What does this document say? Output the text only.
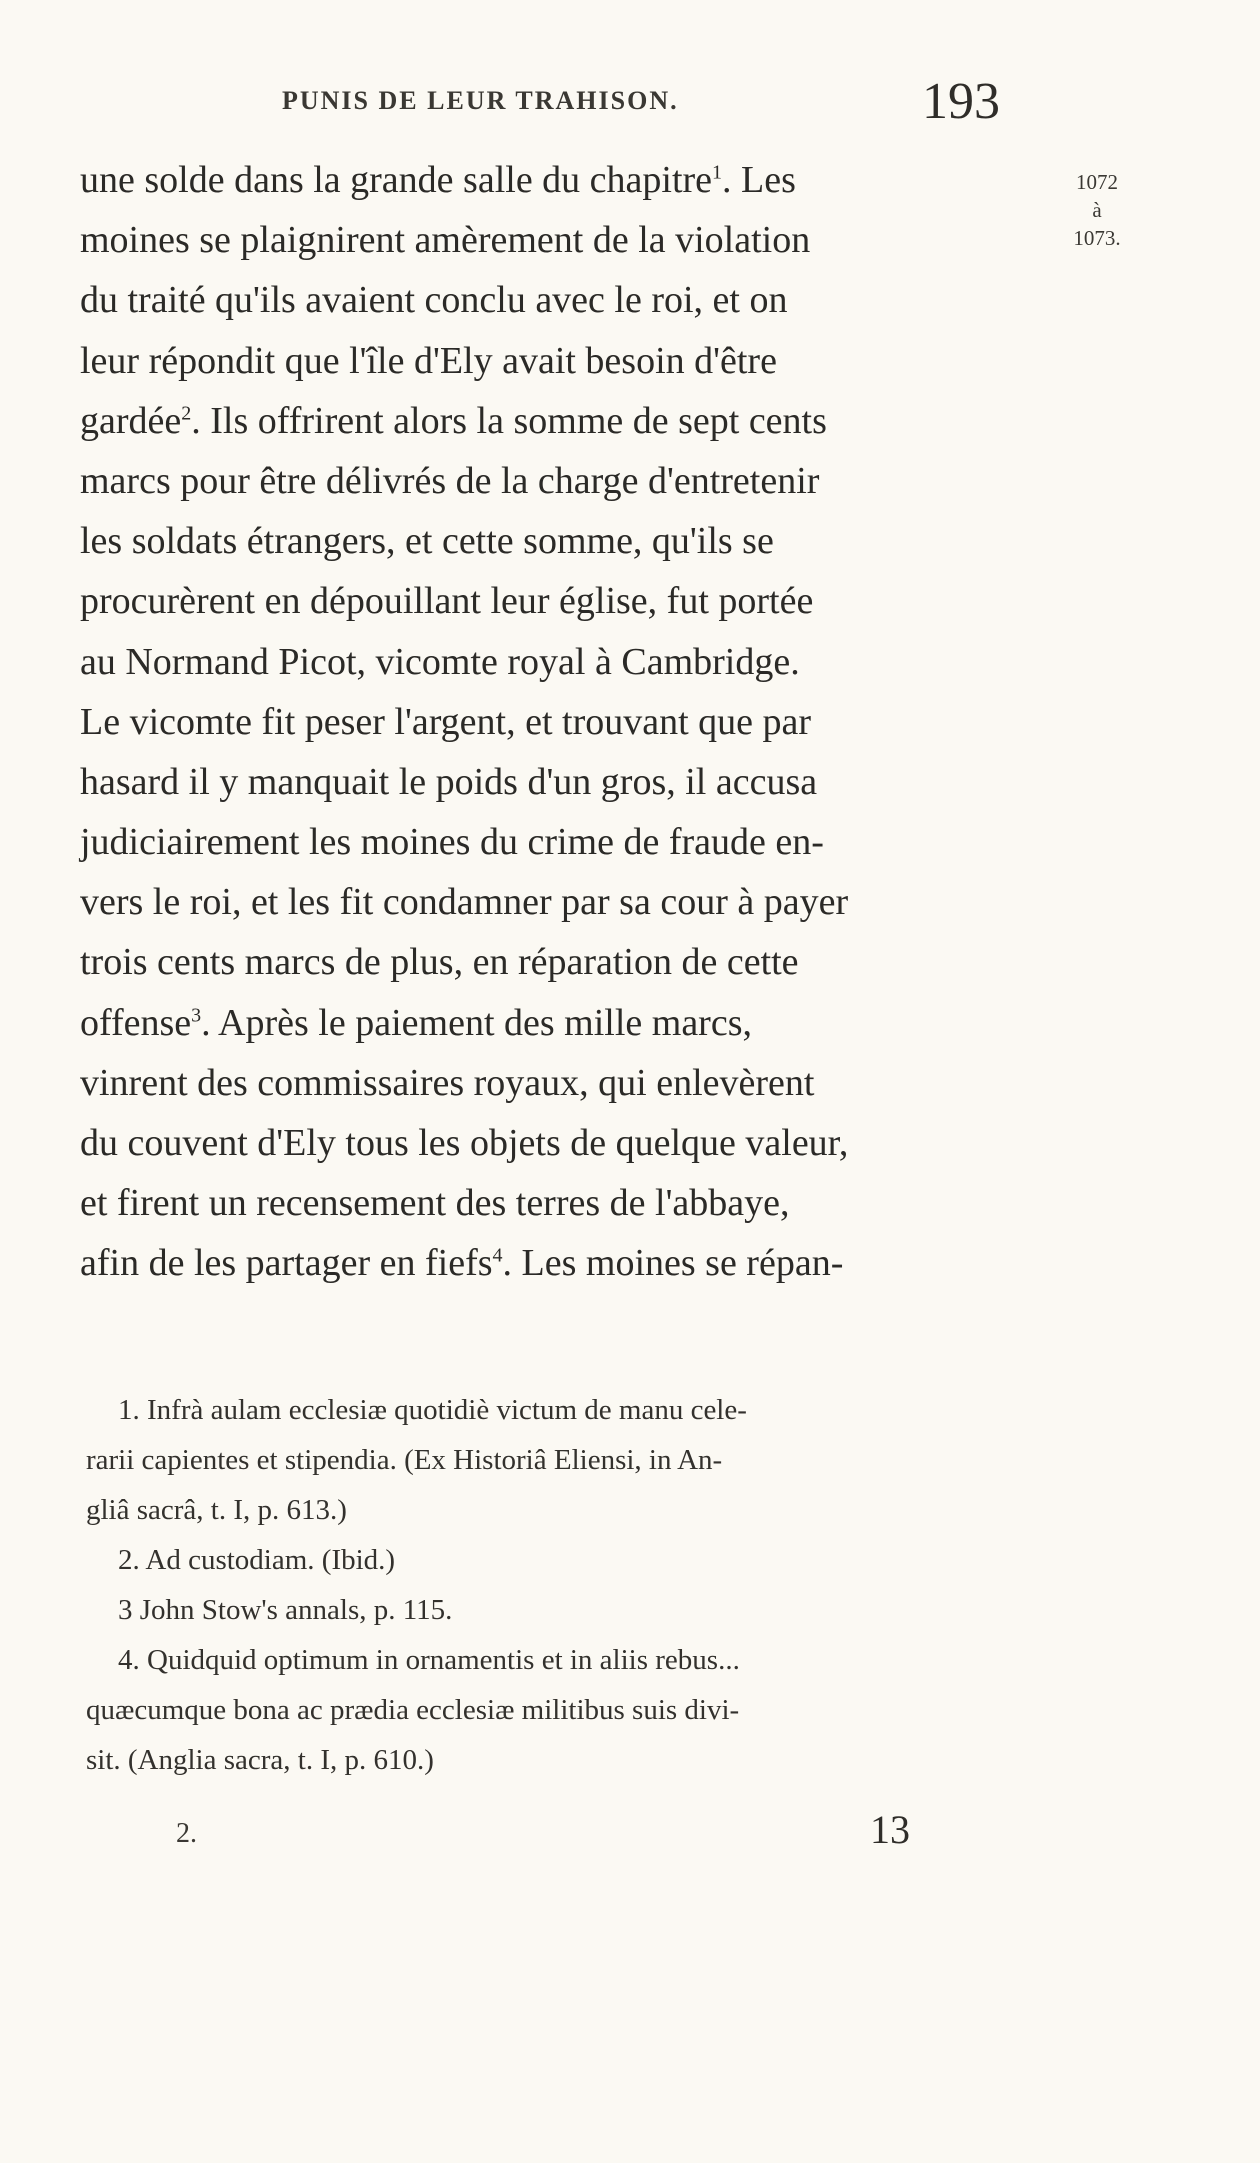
PUNIS DE LEUR TRAHISON.	193
1072
à
1073.
une solde dans la grande salle du chapitre$^1$. Les
moines se plaignirent amèrement de la violation
du traité qu'ils avaient conclu avec le roi, et on
leur répondit que l'île d'Ely avait besoin d'être
gardée$^2$. Ils offrirent alors la somme de sept cents
marcs pour être délivrés de la charge d'entretenir
les soldats étrangers, et cette somme, qu'ils se
procurèrent en dépouillant leur église, fut portée
au Normand Picot, vicomte royal à Cambridge.
Le vicomte fit peser l'argent, et trouvant que par
hasard il y manquait le poids d'un gros, il accusa
judiciairement les moines du crime de fraude en-
vers le roi, et les fit condamner par sa cour à payer
trois cents marcs de plus, en réparation de cette
offense$^3$. Après le paiement des mille marcs,
vinrent des commissaires royaux, qui enlevèrent
du couvent d'Ely tous les objets de quelque valeur,
et firent un recensement des terres de l'abbaye,
afin de les partager en fiefs$^4$. Les moines se répan-
1. Infrà aulam ecclesiæ quotidiè victum de manu cele-
rarii capientes et stipendia. (Ex Historiâ Eliensi, in An-
gliâ sacrâ, t. I, p. 613.)
2. Ad custodiam. (Ibid.)
3 John Stow's annals, p. 115.
4. Quidquid optimum in ornamentis et in aliis rebus...
quæcumque bona ac prædia ecclesiæ militibus suis divi-
sit. (Anglia sacra, t. I, p. 610.)
2.	13
